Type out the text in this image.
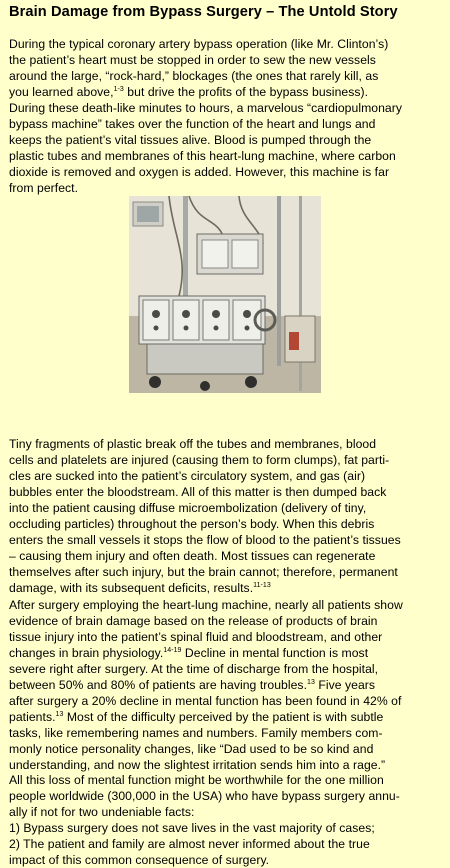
Brain Damage from Bypass Surgery – The Untold Story
During the typical coronary artery bypass operation (like Mr. Clinton’s)
the patient’s heart must be stopped in order to sew the new vessels
around the large, “rock-hard,” blockages (the ones that rarely kill, as
you learned above,$^{1-3}$ but drive the profits of the bypass business).
During these death-like minutes to hours, a marvelous “cardiopulmonary
bypass machine” takes over the function of the heart and lungs and
keeps the patient’s vital tissues alive. Blood is pumped through the
plastic tubes and membranes of this heart-lung machine, where carbon
dioxide is removed and oxygen is added. However, this machine is far
from perfect.
Tiny fragments of plastic break off the tubes and membranes, blood
cells and platelets are injured (causing them to form clumps), fat parti-
cles are sucked into the patient’s circulatory system, and gas (air)
bubbles enter the bloodstream. All of this matter is then dumped back
into the patient causing diffuse microembolization (delivery of tiny,
occluding particles) throughout the person’s body. When this debris
enters the small vessels it stops the flow of blood to the patient’s tissues
– causing them injury and often death. Most tissues can regenerate
themselves after such injury, but the brain cannot; therefore, permanent
damage, with its subsequent deficits, results.$^{11-13}$
After surgery employing the heart-lung machine, nearly all patients show
evidence of brain damage based on the release of products of brain
tissue injury into the patient’s spinal fluid and bloodstream, and other
changes in brain physiology.$^{14-19}$ Decline in mental function is most
severe right after surgery. At the time of discharge from the hospital,
between 50% and 80% of patients are having troubles.$^{13}$ Five years
after surgery a 20% decline in mental function has been found in 42% of
patients.$^{13}$ Most of the difficulty perceived by the patient is with subtle
tasks, like remembering names and numbers. Family members com-
monly notice personality changes, like “Dad used to be so kind and
understanding, and now the slightest irritation sends him into a rage.”
All this loss of mental function might be worthwhile for the one million
people worldwide (300,000 in the USA) who have bypass surgery annu-
ally if not for two undeniable facts:
1) Bypass surgery does not save lives in the vast majority of cases;
2) The patient and family are almost never informed about the true
impact of this common consequence of surgery.
